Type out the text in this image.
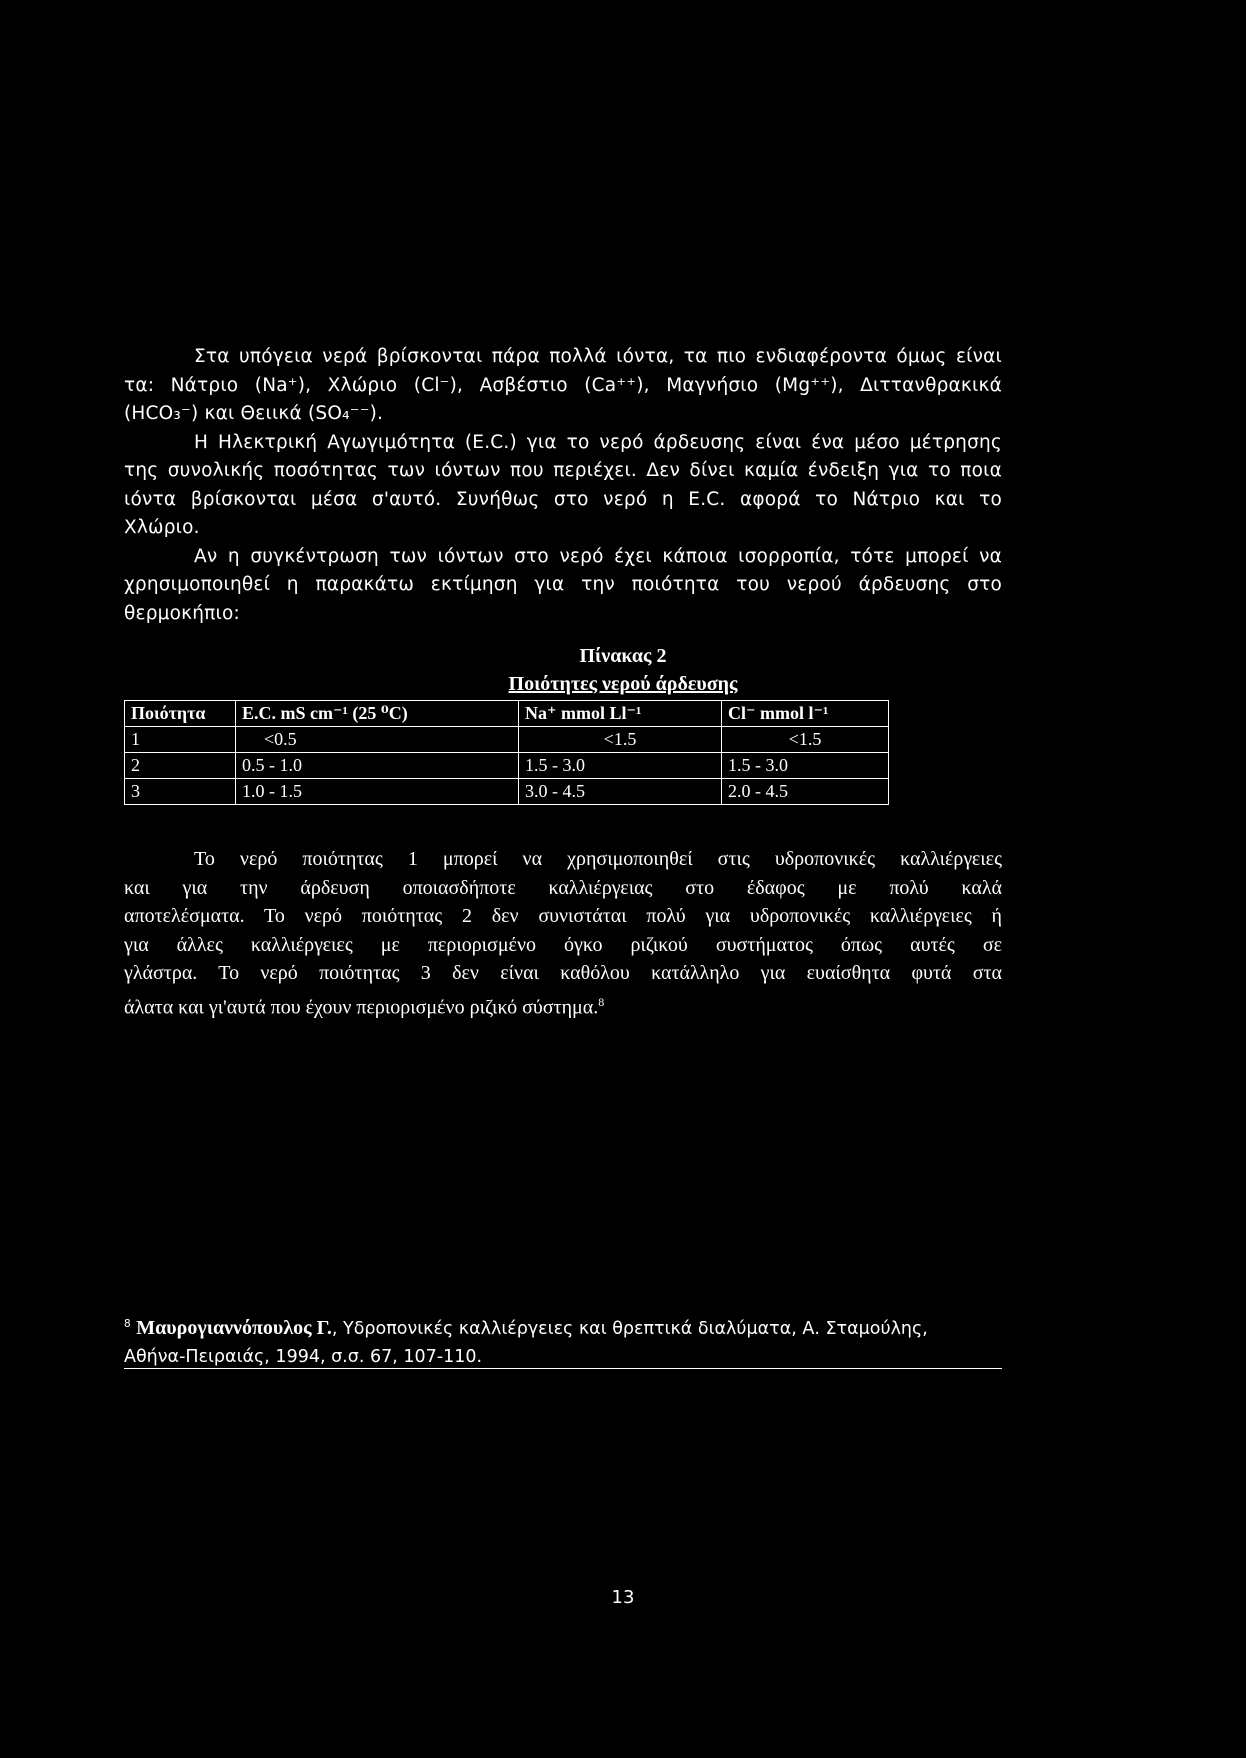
Στα υπόγεια νερά βρίσκονται πάρα πολλά ιόντα, τα πιο ενδιαφέροντα όμως είναι
τα: Νάτριο (Na⁺), Χλώριο (Cl⁻), Ασβέστιο (Ca⁺⁺), Μαγνήσιο (Mg⁺⁺), Διττανθρακικά
(HCO₃⁻) και Θειικά (SO₄⁻⁻).
Η Ηλεκτρική Αγωγιμότητα (E.C.) για το νερό άρδευσης είναι ένα μέσο μέτρησης
της συνολικής ποσότητας των ιόντων που περιέχει. Δεν δίνει καμία ένδειξη για το ποια
ιόντα βρίσκονται μέσα σ'αυτό. Συνήθως στο νερό η E.C. αφορά το Νάτριο και το
Χλώριο.
Αν η συγκέντρωση των ιόντων στο νερό έχει κάποια ισορροπία, τότε μπορεί να
χρησιμοποιηθεί η παρακάτω εκτίμηση για την ποιότητα του νερού άρδευσης στο
θερμοκήπιο:
Πίνακας 2
Ποιότητες νερού άρδευσης
Ποιότητα	E.C. mS cm⁻¹ (25 ⁰C)	Na⁺ mmol Ll⁻¹	Cl⁻ mmol l⁻¹
1	<0.5	<1.5	<1.5
2	0.5 - 1.0	1.5 - 3.0	1.5 - 3.0
3	1.0 - 1.5	3.0 - 4.5	2.0 - 4.5
Το νερό ποιότητας 1 μπορεί να χρησιμοποιηθεί στις υδροπονικές καλλιέργειες
και για την άρδευση οποιασδήποτε καλλιέργειας στο έδαφος με πολύ καλά
αποτελέσματα. Το νερό ποιότητας 2 δεν συνιστάται πολύ για υδροπονικές καλλιέργειες ή
για άλλες καλλιέργειες με περιορισμένο όγκο ριζικού συστήματος όπως αυτές σε
γλάστρα. Το νερό ποιότητας 3 δεν είναι καθόλου κατάλληλο για ευαίσθητα φυτά στα
άλατα και γι'αυτά που έχουν περιορισμένο ριζικό σύστημα.$^8$
$^8$ Μαυρογιαννόπουλος Γ., Υδροπονικές καλλιέργειες και θρεπτικά διαλύματα, Α. Σταμούλης,
Αθήνα-Πειραιάς, 1994, σ.σ. 67, 107-110.
13
